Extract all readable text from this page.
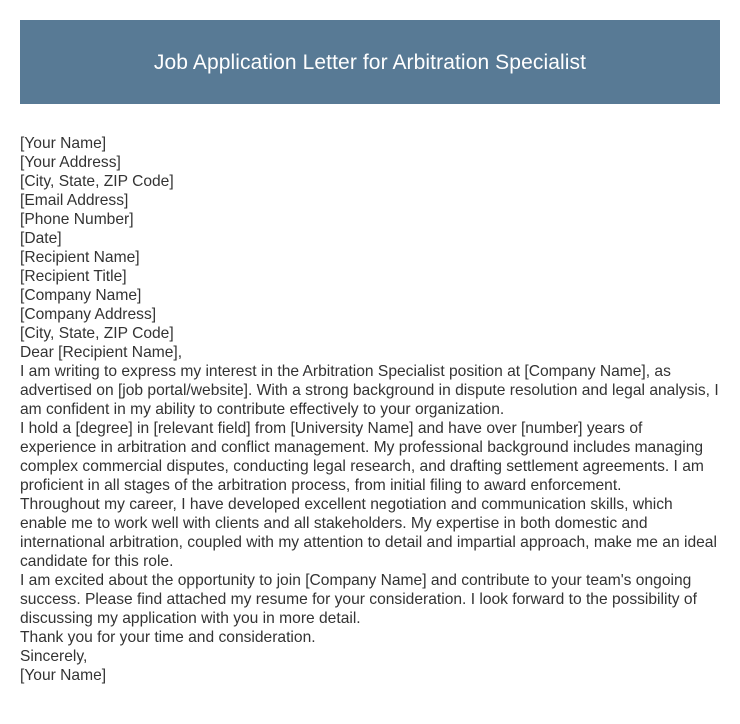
Job Application Letter for Arbitration Specialist

[Your Name]

[Your Address]

[City, State, ZIP Code]

[Email Address]

[Phone Number]

[Date]

[Recipient Name]

[Recipient Title]

[Company Name]

[Company Address]

[City, State, ZIP Code]

Dear [Recipient Name],

I am writing to express my interest in the Arbitration Specialist position at [Company Name], as advertised on [job portal/website]. With a strong background in dispute resolution and legal analysis, I am confident in my ability to contribute effectively to your organization.

I hold a [degree] in [relevant field] from [University Name] and have over [number] years of experience in arbitration and conflict management. My professional background includes managing complex commercial disputes, conducting legal research, and drafting settlement agreements. I am proficient in all stages of the arbitration process, from initial filing to award enforcement.

Throughout my career, I have developed excellent negotiation and communication skills, which enable me to work well with clients and all stakeholders. My expertise in both domestic and international arbitration, coupled with my attention to detail and impartial approach, make me an ideal candidate for this role.

I am excited about the opportunity to join [Company Name] and contribute to your team's ongoing success. Please find attached my resume for your consideration. I look forward to the possibility of discussing my application with you in more detail.

Thank you for your time and consideration.

Sincerely,

[Your Name]
